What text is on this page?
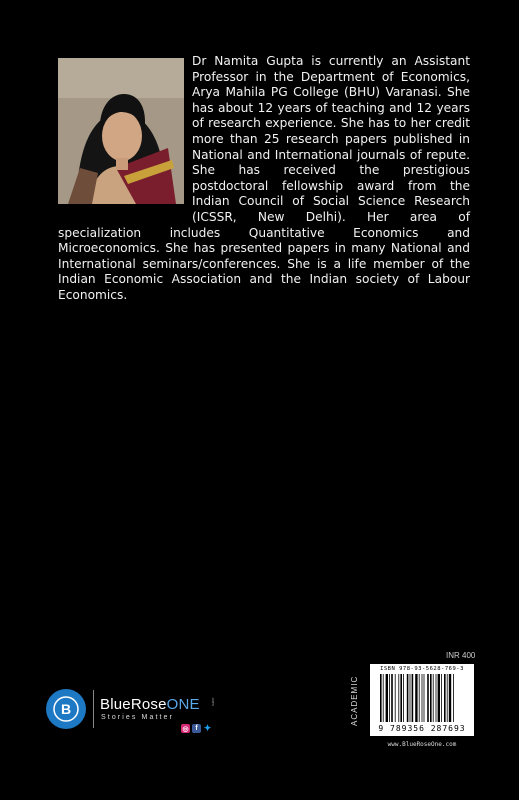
Dr Namita Gupta is currently an Assistant Professor in the Department of Economics, Arya Mahila PG College (BHU) Varanasi. She has about 12 years of teaching and 12 years of research experience. She has to her credit more than 25 research papers published in National and International journals of repute. She has received the prestigious postdoctoral fellowship award from the Indian Council of Social Science Research (ICSSR, New Delhi). Her area of specialization includes Quantitative Economics and Microeconomics. She has presented papers in many National and International seminars/conferences. She is a life member of the Indian Economic Association and the Indian society of Labour Economics.
INR 400
ACADEMIC
ISBN 978-93-5628-769-3
9 789356 287693
www.BlueRoseOne.com
B BlueRoseONE	.com
Stories Matter
◎ f ✦
